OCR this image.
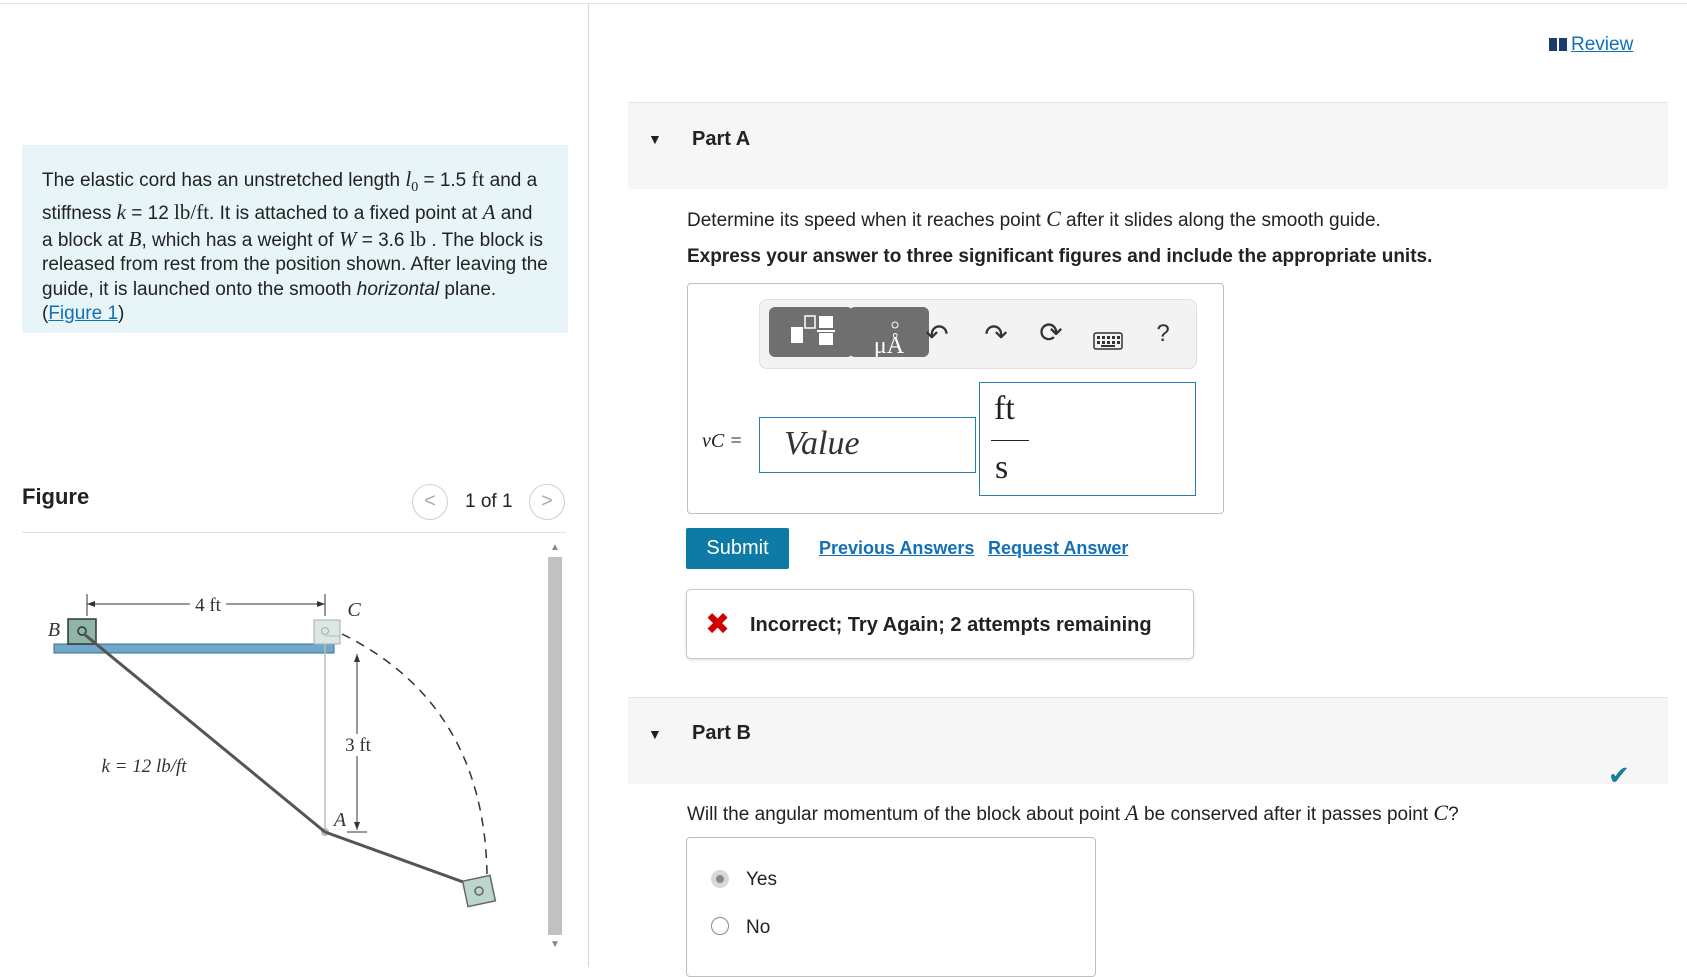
The elastic cord has an unstretched length $l_0 = 1.5$ ft and a stiffness k = 12 lb/ft. It is attached to a fixed point at A and a block at B, which has a weight of W = 3.6 lb . The block is released from rest from the position shown. After leaving the guide, it is launched onto the smooth horizontal plane. (Figure 1)
Figure	<	1 of 1	>
4 ft
B
C
3 ft
A
k = 12 lb/ft
▲
▼
Review
▼ Part A
Determine its speed when it reaches point C after it slides along the smooth guide.
Express your answer to three significant figures and include the appropriate units.
μÅ ↶ ↷ ⟳	?
vC =	Value
ft
s
Submit	Previous Answers Request Answer
✖ Incorrect; Try Again; 2 attempts remaining
▼ Part B
✔
Will the angular momentum of the block about point A be conserved after it passes point C?
Yes
No
